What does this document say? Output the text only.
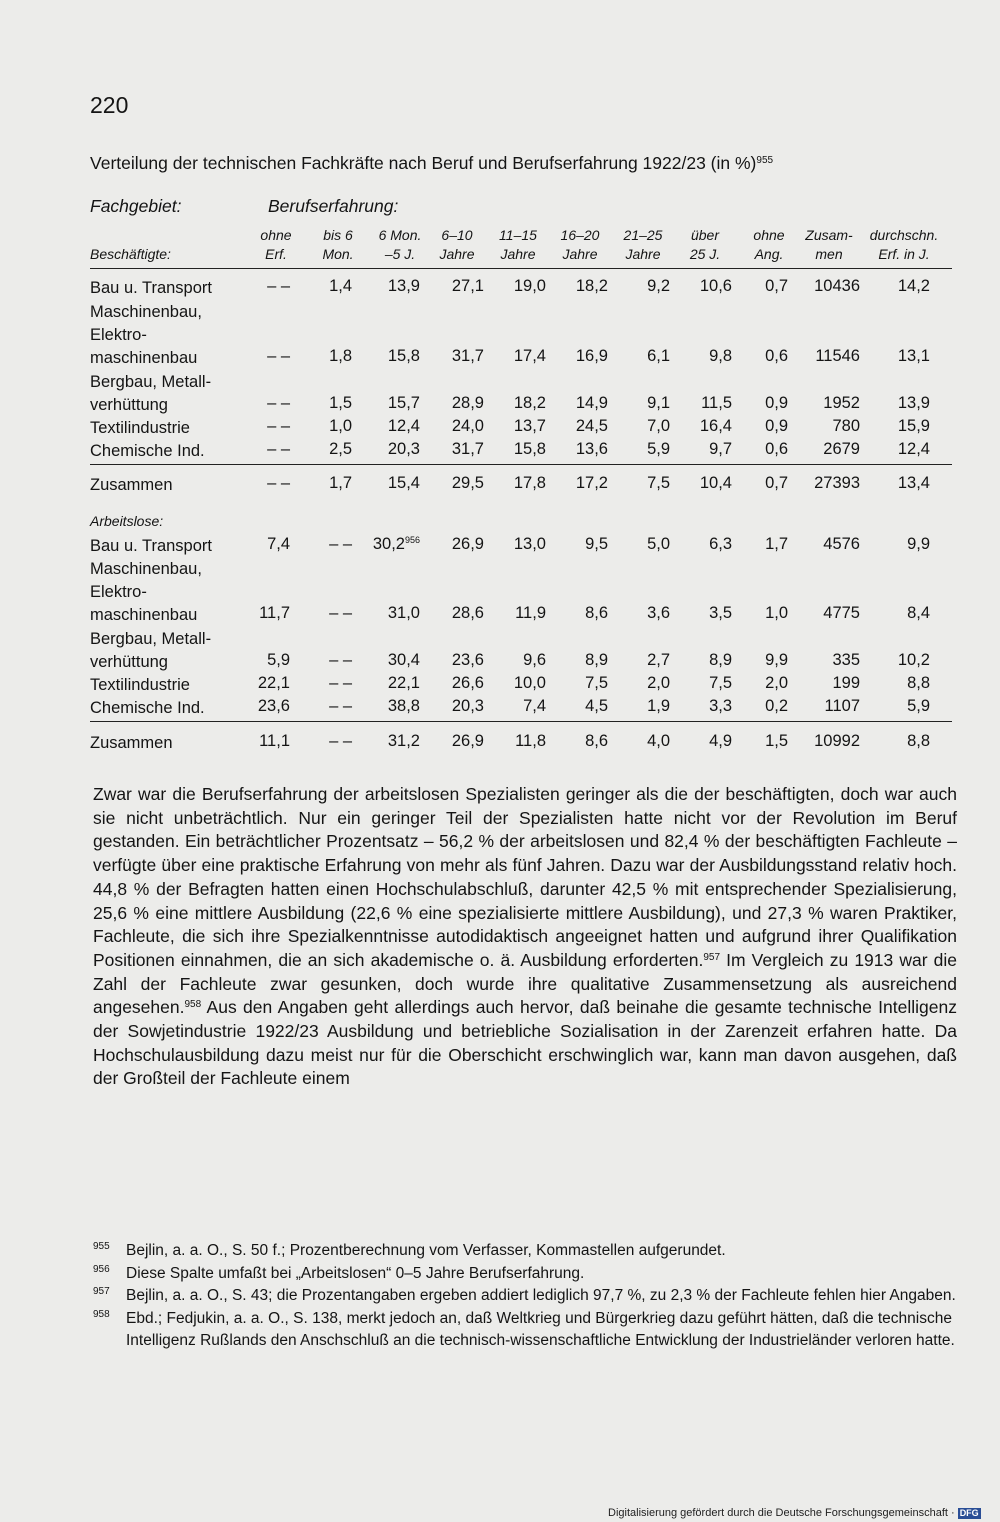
220
Verteilung der technischen Fachkräfte nach Beruf und Berufserfahrung 1922/23 (in %)$^{955}$
Fachgebiet:	Berufserfahrung:
ohne	bis 6	6 Mon.	6–10	11–15	16–20	21–25	über	ohne	Zusam-	durchschn.
Beschäftigte:	Erf.	Mon.	–5 J.	Jahre	Jahre	Jahre	Jahre	25 J.	Ang.	men	Erf. in J.
Bau u. Transport	– – 1,4 13,9 27,1 19,0 18,2 9,2 10,6 0,7 10436 14,2
Maschinenbau,
Elektro-
maschinenbau	– – 1,8 15,8 31,7 17,4 16,9 6,1 9,8 0,6 11546 13,1
Bergbau, Metall-
verhüttung	– – 1,5 15,7 28,9 18,2 14,9 9,1 11,5 0,9 1952 13,9
Textilindustrie	– – 1,0 12,4 24,0 13,7 24,5 7,0 16,4 0,9	780 15,9
Chemische Ind.	– – 2,5 20,3 31,7 15,8 13,6 5,9 9,7 0,6 2679 12,4
Zusammen	– – 1,7 15,4 29,5 17,8 17,2 7,5 10,4 0,7 27393 13,4
Arbeitslose:
Bau u. Transport	7,4 – – 30,2$^{956}$ 26,9 13,0 9,5 5,0 6,3 1,7 4576	9,9
Maschinenbau,
Elektro-
maschinenbau	11,7 – – 31,0 28,6 11,9 8,6 3,6 3,5 1,0 4775	8,4
Bergbau, Metall-
verhüttung	5,9 – – 30,4 23,6 9,6 8,9 2,7 8,9 9,9	335 10,2
Textilindustrie	22,1 – – 22,1 26,6 10,0 7,5 2,0 7,5 2,0	199	8,8
Chemische Ind.	23,6 – – 38,8 20,3 7,4 4,5 1,9 3,3 0,2 1107	5,9
Zusammen	11,1 – – 31,2 26,9 11,8 8,6 4,0 4,9 1,5 10992	8,8

Zwar war die Berufserfahrung der arbeitslosen Spezialisten geringer als die der beschäftigten, doch war auch sie nicht unbeträchtlich. Nur ein geringer Teil der Spezialisten hatte nicht vor der Revolution im Beruf gestanden. Ein beträchtlicher Prozentsatz – 56,2 % der arbeitslosen und 82,4 % der beschäftigten Fachleute – verfügte über eine praktische Erfahrung von mehr als fünf Jahren. Dazu war der Ausbildungsstand relativ hoch. 44,8 % der Befragten hatten einen Hochschulabschluß, darunter 42,5 % mit entsprechender Spezialisierung, 25,6 % eine mittlere Ausbildung (22,6 % eine spezialisierte mittlere Ausbildung), und 27,3 % waren Praktiker, Fachleute, die sich ihre Spezialkenntnisse autodidaktisch angeeignet hatten und aufgrund ihrer Qualifikation Positionen einnahmen, die an sich akademische o. ä. Ausbildung erforderten.$^{957}$ Im Vergleich zu 1913 war die Zahl der Fachleute zwar gesunken, doch wurde ihre qualitative Zusammensetzung als ausreichend angesehen.$^{958}$ Aus den Angaben geht allerdings auch hervor, daß beinahe die gesamte technische Intelligenz der Sowjetindustrie 1922/23 Ausbildung und betriebliche Sozialisation in der Zarenzeit erfahren hatte. Da Hochschulausbildung dazu meist nur für die Oberschicht erschwinglich war, kann man davon ausgehen, daß der Großteil der Fachleute einem

955 Bejlin, a. a. O., S. 50 f.; Prozentberechnung vom Verfasser, Kommastellen aufgerundet.
956 Diese Spalte umfaßt bei „Arbeitslosen“ 0–5 Jahre Berufserfahrung.
957 Bejlin, a. a. O., S. 43; die Prozentangaben ergeben addiert lediglich 97,7 %, zu 2,3 % der Fachleute fehlen hier Angaben.
958 Ebd.; Fedjukin, a. a. O., S. 138, merkt jedoch an, daß Weltkrieg und Bürgerkrieg dazu geführt hätten, daß die technische Intelligenz Rußlands den Anschschluß an die technisch-wissenschaftliche Entwicklung der Industrieländer verloren hatte.
Digitalisierung gefördert durch die Deutsche Forschungsgemeinschaft · DFG
